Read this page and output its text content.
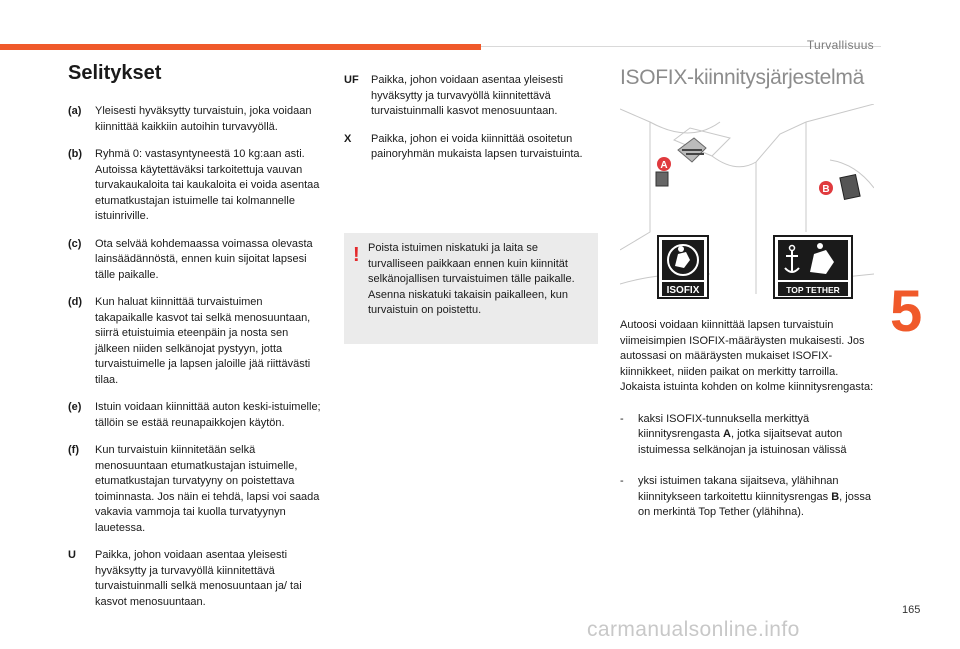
Turvallisuus
Selitykset
(a) Yleisesti hyväksytty turvaistuin, joka voidaan kiinnittää kaikkiin autoihin turvavyöllä.
(b) Ryhmä 0: vastasyntyneestä 10 kg:aan asti. Autoissa käytettäväksi tarkoitettuja vauvan turvakaukaloita tai kaukaloita ei voida asentaa etumatkustajan istuimelle tai kolmannelle istuinriville.
(c) Ota selvää kohdemaassa voimassa olevasta lainsäädännöstä, ennen kuin sijoitat lapsesi tälle paikalle.
(d) Kun haluat kiinnittää turvaistuimen takapaikalle kasvot tai selkä menosuuntaan, siirrä etuistuimia eteenpäin ja nosta sen jälkeen niiden selkänojat pystyyn, jotta turvaistuimelle ja lapsen jaloille jää riittävästi tilaa.
(e) Istuin voidaan kiinnittää auton keski-istuimelle; tällöin se estää reunapaikkojen käytön.
(f) Kun turvaistuin kiinnitetään selkä menosuuntaan etumatkustajan istuimelle, etumatkustajan turvatyyny on poistettava toiminnasta. Jos näin ei tehdä, lapsi voi saada vakavia vammoja tai kuolla turvatyynyn lauetessa.
U Paikka, johon voidaan asentaa yleisesti hyväksytty ja turvavyöllä kiinnitettävä turvaistuinmalli selkä menosuuntaan ja/ tai kasvot menosuuntaan.
UF Paikka, johon voidaan asentaa yleisesti hyväksytty ja turvavyöllä kiinnitettävä turvaistuinmalli kasvot menosuuntaan.
X Paikka, johon ei voida kiinnittää osoitetun painoryhmän mukaista lapsen turvaistuinta.
! Poista istuimen niskatuki ja laita se turvalliseen paikkaan ennen kuin kiinnität selkänojallisen turvaistuimen tälle paikalle. Asenna niskatuki takaisin paikalleen, kun turvaistuin on poistettu.
ISOFIX-kiinnitysjärjestelmä
A
B
ISOFIX	TOP TETHER

Autoosi voidaan kiinnittää lapsen turvaistuin viimeisimpien ISOFIX-määräysten mukaisesti. Jos autossasi on määräysten mukaiset ISOFIX-kiinnikkeet, niiden paikat on merkitty tarroilla. Jokaista istuinta kohden on kolme kiinnitysrengasta:

- kaksi ISOFIX-tunnuksella merkittyä kiinnitysrengasta A, jotka sijaitsevat auton istuimessa selkänojan ja istuinosan välissä
- yksi istuimen takana sijaitseva, ylähihnan kiinnitykseen tarkoitettu kiinnitysrengas B, jossa on merkintä Top Tether (ylähihna).
5
165
carmanualsonline.info
